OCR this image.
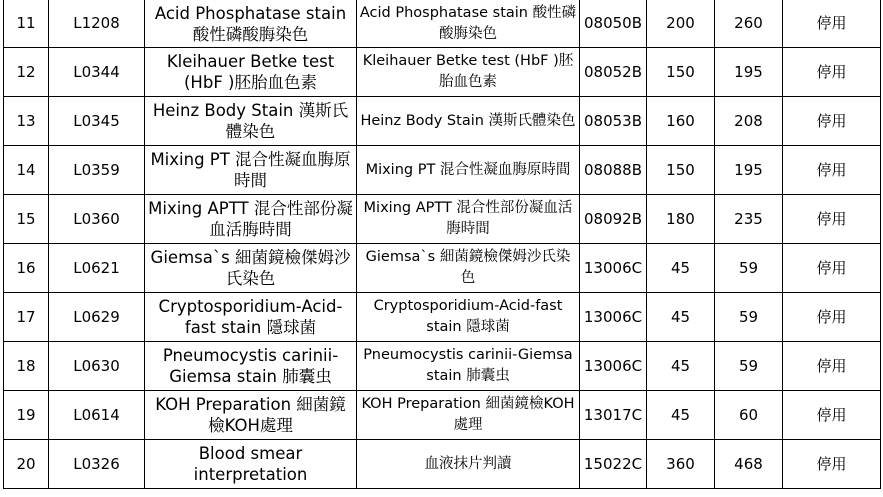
11	L1208	Acid Phosphatase stain 酸性磷酸脢染色	Acid Phosphatase stain 酸性磷酸脢染色	08050B	200	260	停用
12	L0344	Kleihauer Betke test (HbF )胚胎血色素	Kleihauer Betke test (HbF )胚胎血色素	08052B	150	195	停用
13	L0345	Heinz Body Stain 漢斯氏體染色	Heinz Body Stain 漢斯氏體染色	08053B	160	208	停用
14	L0359	Mixing PT 混合性凝血脢原時間	Mixing PT 混合性凝血脢原時間	08088B	150	195	停用
15	L0360	Mixing APTT 混合性部份凝血活脢時間	Mixing APTT 混合性部份凝血活脢時間	08092B	180	235	停用
16	L0621	Giemsa`s 細菌鏡檢傑姆沙氏染色	Giemsa`s 細菌鏡檢傑姆沙氏染色	13006C	45	59	停用
17	L0629	Cryptosporidium-Acid-fast stain 隱球菌	Cryptosporidium-Acid-fast stain 隱球菌	13006C	45	59	停用
18	L0630	Pneumocystis carinii-Giemsa stain 肺囊虫	Pneumocystis carinii-Giemsa stain 肺囊虫	13006C	45	59	停用
19	L0614	KOH Preparation 細菌鏡檢KOH處理	KOH Preparation 細菌鏡檢KOH處理	13017C	45	60	停用
20	L0326	Blood smear interpretation	血液抹片判讀	15022C	360	468	停用
